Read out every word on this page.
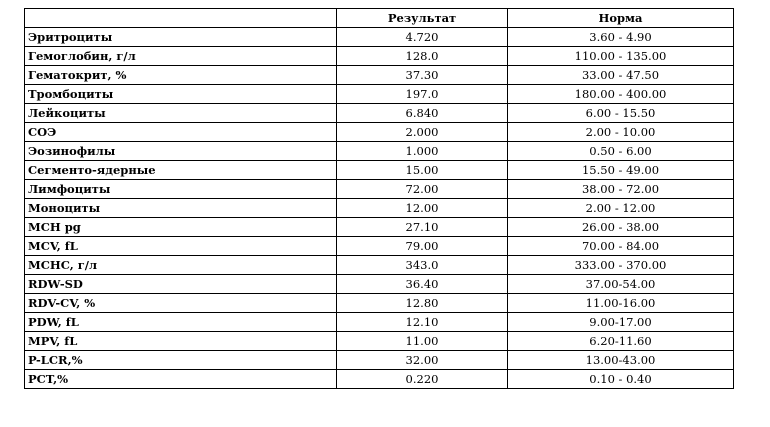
	Результат	Норма
Эритроциты	4.720	3.60 - 4.90
Гемоглобин, г/л	128.0	110.00 - 135.00
Гематокрит, %	37.30	33.00 - 47.50
Тромбоциты	197.0	180.00 - 400.00
Лейкоциты	6.840	6.00 - 15.50
СОЭ	2.000	2.00 - 10.00
Эозинофилы	1.000	0.50 - 6.00
Сегменто-ядерные	15.00	15.50 - 49.00
Лимфоциты	72.00	38.00 - 72.00
Моноциты	12.00	2.00 - 12.00
MCH pg	27.10	26.00 - 38.00
MCV, fL	79.00	70.00 - 84.00
MCHC, г/л	343.0	333.00 - 370.00
RDW-SD	36.40	37.00-54.00
RDV-CV, %	12.80	11.00-16.00
PDW, fL	12.10	9.00-17.00
MPV, fL	11.00	6.20-11.60
P-LCR,%	32.00	13.00-43.00
PCT,%	0.220	0.10 - 0.40
